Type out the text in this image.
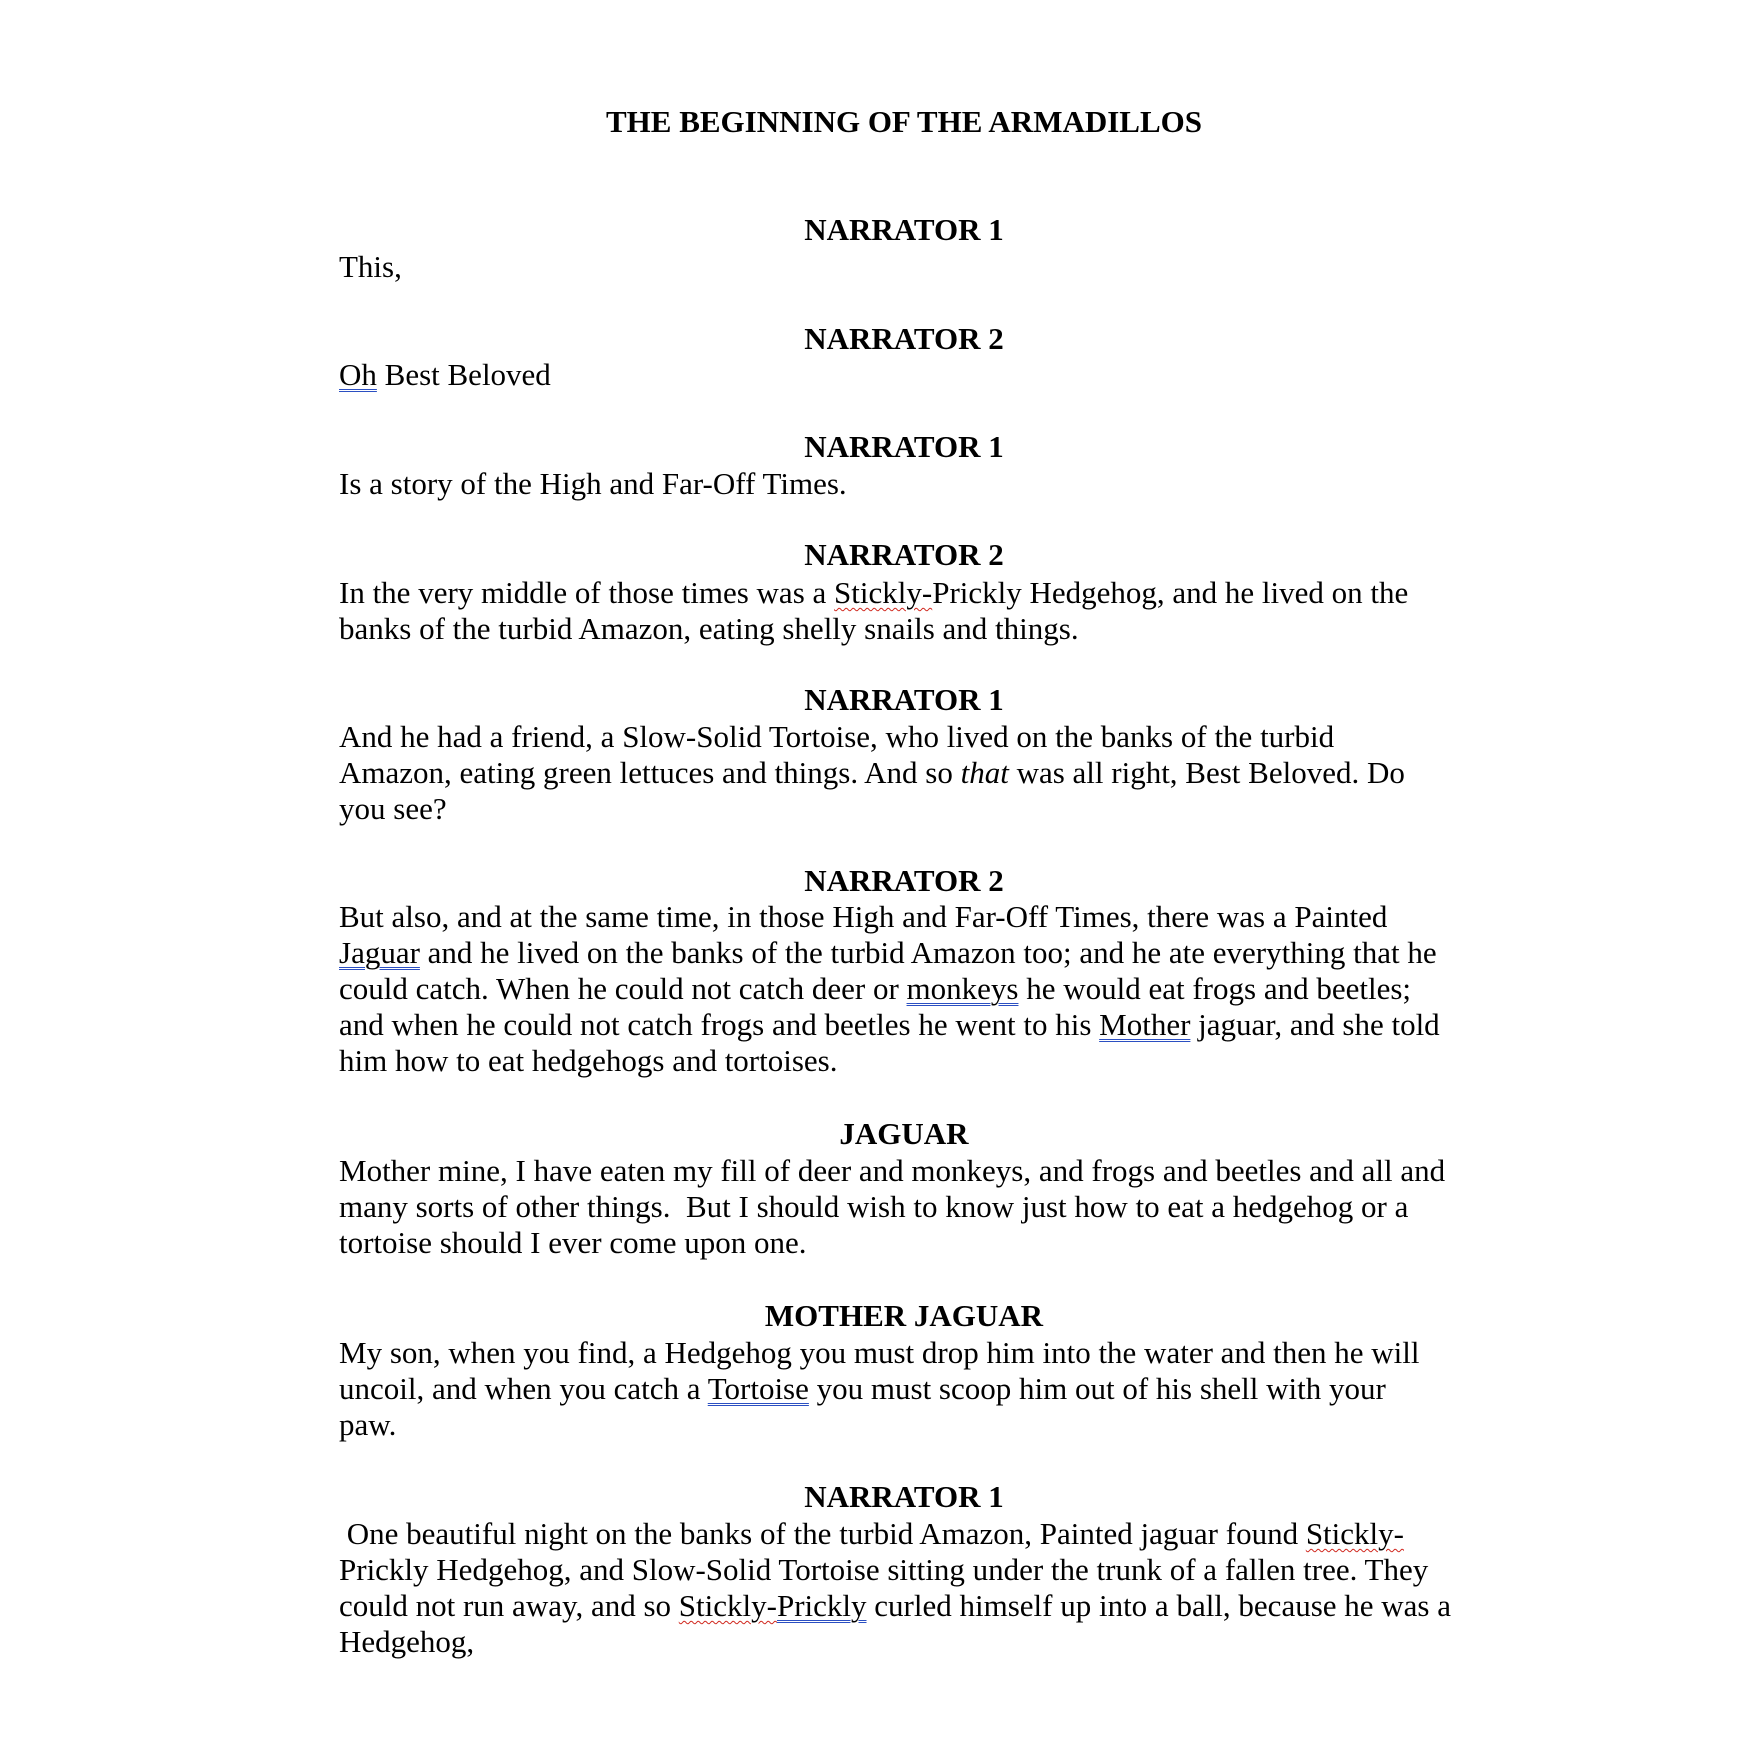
THE BEGINNING OF THE ARMADILLOS
NARRATOR 1
This,
NARRATOR 2
Oh Best Beloved
NARRATOR 1
Is a story of the High and Far-Off Times.
NARRATOR 2
In the very middle of those times was a Stickly-Prickly Hedgehog, and he lived on the
banks of the turbid Amazon, eating shelly snails and things.
NARRATOR 1
And he had a friend, a Slow-Solid Tortoise, who lived on the banks of the turbid
Amazon, eating green lettuces and things. And so that was all right, Best Beloved. Do
you see?
NARRATOR 2
But also, and at the same time, in those High and Far-Off Times, there was a Painted
Jaguar and he lived on the banks of the turbid Amazon too; and he ate everything that he
could catch. When he could not catch deer or monkeys he would eat frogs and beetles;
and when he could not catch frogs and beetles he went to his Mother jaguar, and she told
him how to eat hedgehogs and tortoises.
JAGUAR
Mother mine, I have eaten my fill of deer and monkeys, and frogs and beetles and all and
many sorts of other things.  But I should wish to know just how to eat a hedgehog or a
tortoise should I ever come upon one.
MOTHER JAGUAR
My son, when you find, a Hedgehog you must drop him into the water and then he will
uncoil, and when you catch a Tortoise you must scoop him out of his shell with your
paw.
NARRATOR 1
One beautiful night on the banks of the turbid Amazon, Painted jaguar found Stickly-
Prickly Hedgehog, and Slow-Solid Tortoise sitting under the trunk of a fallen tree. They
could not run away, and so Stickly-Prickly curled himself up into a ball, because he was a
Hedgehog,
